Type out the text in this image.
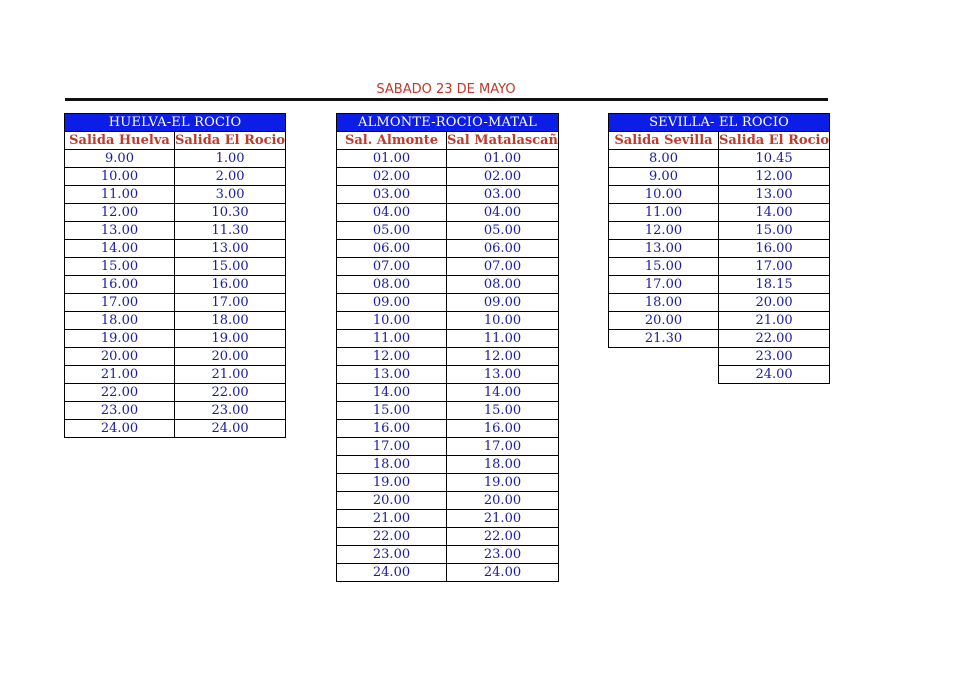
SABADO 23 DE MAYO
HUELVA-EL ROCIO	
Salida Huelva	Salida El Rocio
9.00	1.00
10.00	2.00
11.00	3.00
12.00	10.30
13.00	11.30
14.00	13.00
15.00	15.00
16.00	16.00
17.00	17.00
18.00	18.00
19.00	19.00
20.00	20.00
21.00	21.00
22.00	22.00
23.00	23.00
24.00	24.00
ALMONTE-ROCIO-MATAL	
Sal. Almonte	Sal Matalascañ
01.00	01.00
02.00	02.00
03.00	03.00
04.00	04.00
05.00	05.00
06.00	06.00
07.00	07.00
08.00	08.00
09.00	09.00
10.00	10.00
11.00	11.00
12.00	12.00
13.00	13.00
14.00	14.00
15.00	15.00
16.00	16.00
17.00	17.00
18.00	18.00
19.00	19.00
20.00	20.00
21.00	21.00
22.00	22.00
23.00	23.00
24.00	24.00
SEVILLA- EL ROCIO	
Salida Sevilla	Salida El Rocio
8.00	10.45
9.00	12.00
10.00	13.00
11.00	14.00
12.00	15.00
13.00	16.00
15.00	17.00
17.00	18.15
18.00	20.00
20.00	21.00
21.30	22.00
	23.00
	24.00
